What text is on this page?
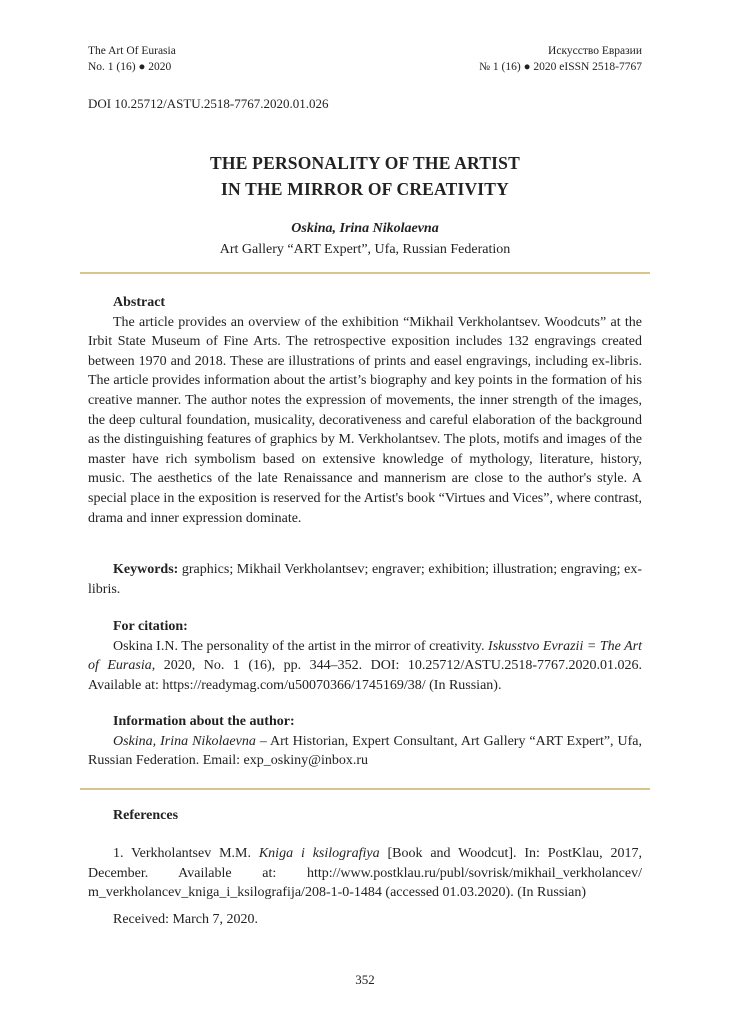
The Art Of Eurasia
No. 1 (16) ● 2020
Искусство Евразии
№ 1 (16) ● 2020 eISSN 2518-7767
DOI 10.25712/ASTU.2518-7767.2020.01.026
THE PERSONALITY OF THE ARTIST
IN THE MIRROR OF CREATIVITY
Oskina, Irina Nikolaevna
Art Gallery “ART Expert”, Ufa, Russian Federation
Abstract
The article provides an overview of the exhibition “Mikhail Verkholantsev. Woodcuts” at the Irbit State Museum of Fine Arts. The retrospective exposition includes 132 engravings created between 1970 and 2018. These are illustrations of prints and easel engravings, including ex-libris. The article provides information about the artist’s biography and key points in the formation of his creative manner. The author notes the expression of movements, the inner strength of the images, the deep cultural foundation, musicality, decorativeness and careful elaboration of the background as the distinguishing features of graphics by M. Verkholantsev. The plots, motifs and images of the master have rich symbolism based on extensive knowledge of mythology, literature, history, music. The aesthetics of the late Renaissance and mannerism are close to the author's style. A special place in the exposition is reserved for the Artist's book “Virtues and Vices”, where contrast, drama and inner expression dominate.
Keywords: graphics; Mikhail Verkholantsev; engraver; exhibition; illustration; engraving; ex-libris.
For citation:
Oskina I.N. The personality of the artist in the mirror of creativity. Iskusstvo Evrazii = The Art of Eurasia, 2020, No. 1 (16), pp. 344–352. DOI: 10.25712/ASTU.2518-7767.2020.01.026. Available at: https://readymag.com/u50070366/1745169/38/ (In Russian).
Information about the author:
Oskina, Irina Nikolaevna – Art Historian, Expert Consultant, Art Gallery “ART Expert”, Ufa, Russian Federation. Email: exp_oskiny@inbox.ru
References
1. Verkholantsev M.M. Kniga i ksilografiya [Book and Woodcut]. In: PostKlau, 2017, December. Available at: http://www.postklau.ru/publ/sovrisk/mikhail_verkholancev/ m_verkholancev_kniga_i_ksilografija/208-1-0-1484 (accessed 01.03.2020). (In Russian)
Received: March 7, 2020.
352
